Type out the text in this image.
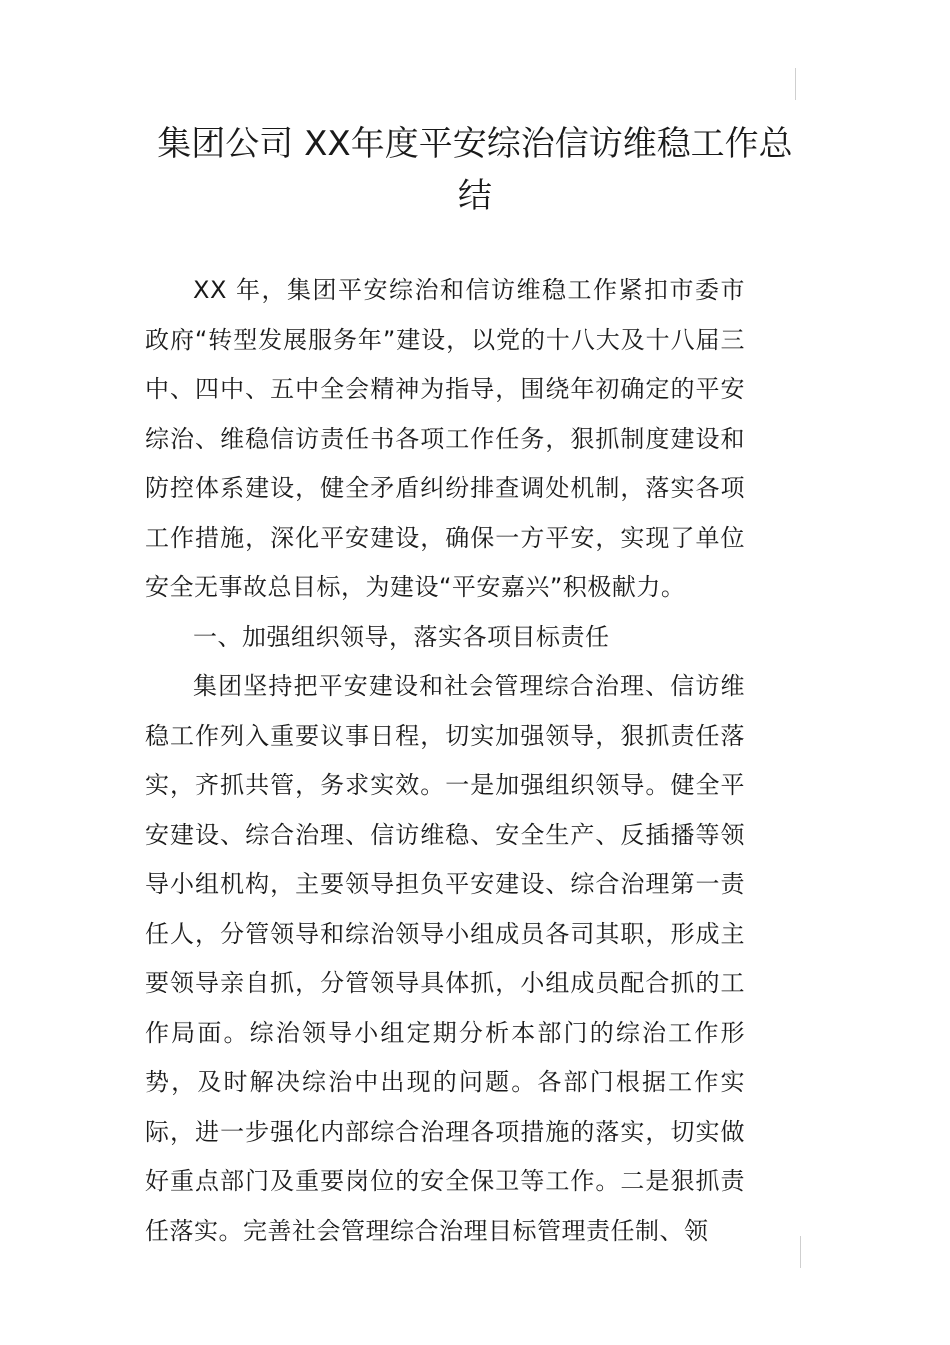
集团公司 XX年度平安综治信访维稳工作总
结

XX 年，集团平安综治和信访维稳工作紧扣市委市政府“转型发展服务年”建设，以党的十八大及十八届三中、四中、五中全会精神为指导，围绕年初确定的平安综治、维稳信访责任书各项工作任务，狠抓制度建设和防控体系建设，健全矛盾纠纷排查调处机制，落实各项工作措施，深化平安建设，确保一方平安，实现了单位安全无事故总目标，为建设“平安嘉兴”积极献力。

一、加强组织领导，落实各项目标责任

集团坚持把平安建设和社会管理综合治理、信访维稳工作列入重要议事日程，切实加强领导，狠抓责任落实，齐抓共管，务求实效。一是加强组织领导。健全平安建设、综合治理、信访维稳、安全生产、反插播等领导小组机构，主要领导担负平安建设、综合治理第一责任人，分管领导和综治领导小组成员各司其职，形成主要领导亲自抓，分管领导具体抓，小组成员配合抓的工作局面。综治领导小组定期分析本部门的综治工作形势，及时解决综治中出现的问题。各部门根据工作实际，进一步强化内部综合治理各项措施的落实，切实做好重点部门及重要岗位的安全保卫等工作。二是狠抓责任落实。完善社会管理综合治理目标管理责任制、领
